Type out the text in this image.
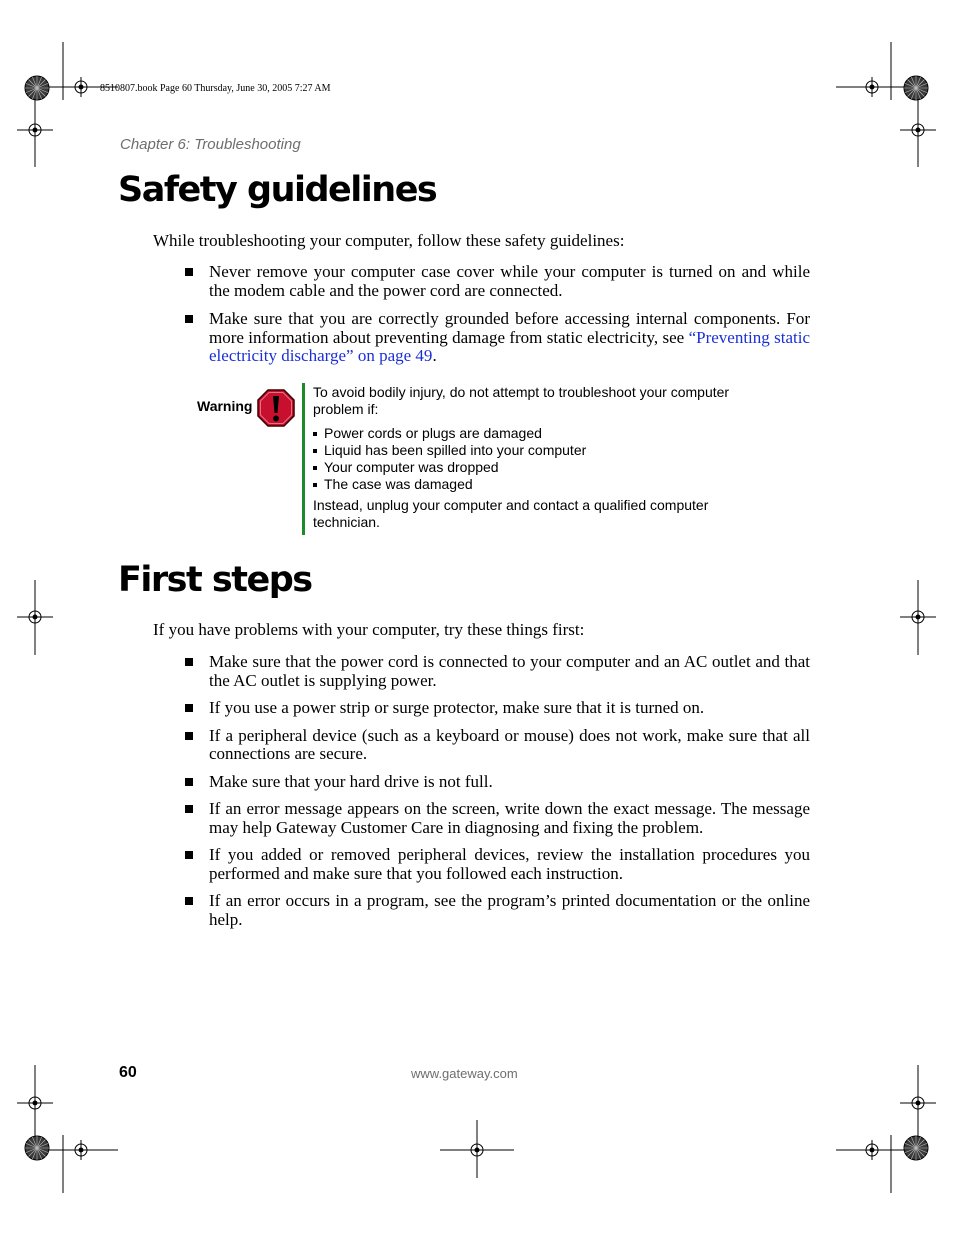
8510807.book Page 60 Thursday, June 30, 2005 7:27 AM
Chapter 6: Troubleshooting
Safety guidelines
While troubleshooting your computer, follow these safety guidelines:
Never remove your computer case cover while your computer is turned on and while the modem cable and the power cord are connected.
Make sure that you are correctly grounded before accessing internal components. For more information about preventing damage from static electricity, see “Preventing static electricity discharge” on page 49.
Warning

To avoid bodily injury, do not attempt to troubleshoot your computer problem if:

Power cords or plugs are damaged
Liquid has been spilled into your computer
Your computer was dropped
The case was damaged

Instead, unplug your computer and contact a qualified computer technician.

First steps
If you have problems with your computer, try these things first:
Make sure that the power cord is connected to your computer and an AC outlet and that the AC outlet is supplying power.
If you use a power strip or surge protector, make sure that it is turned on.
If a peripheral device (such as a keyboard or mouse) does not work, make sure that all connections are secure.
Make sure that your hard drive is not full.
If an error message appears on the screen, write down the exact message. The message may help Gateway Customer Care in diagnosing and fixing the problem.
If you added or removed peripheral devices, review the installation procedures you performed and make sure that you followed each instruction.
If an error occurs in a program, see the program’s printed documentation or the online help.
60	www.gateway.com
